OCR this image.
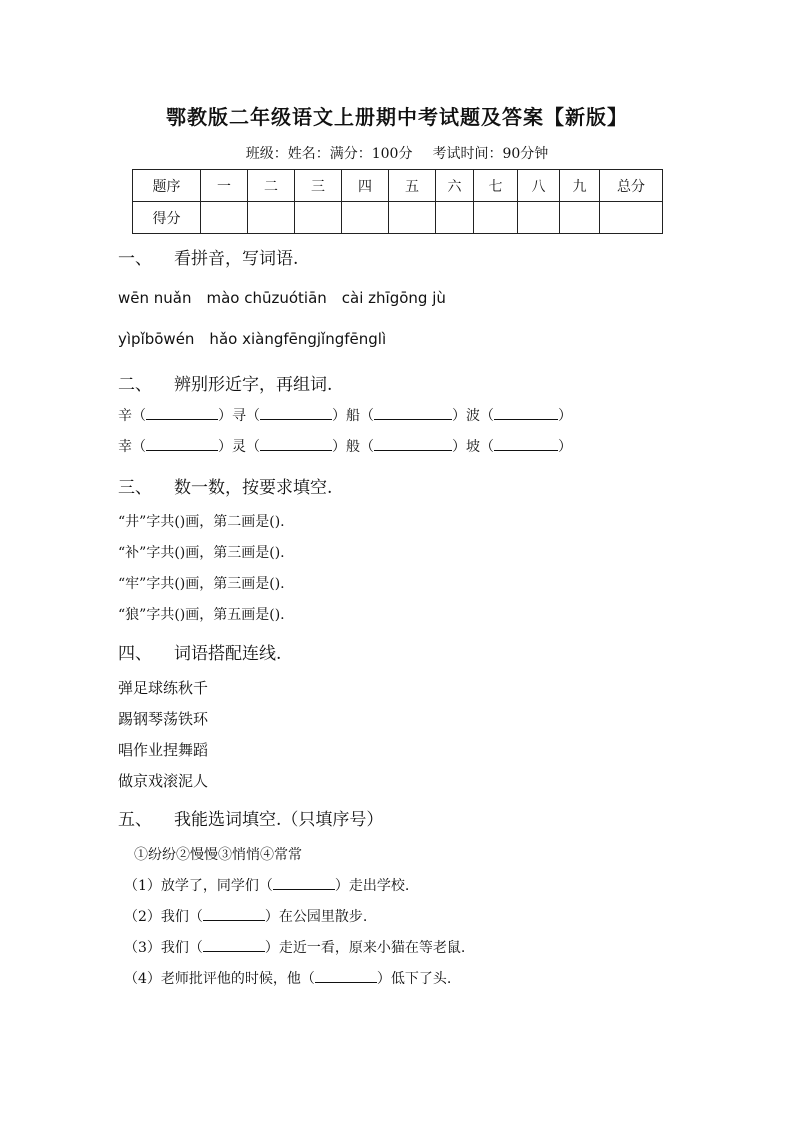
鄂教版二年级语文上册期中考试题及答案【新版】
班级：姓名：满分：100分 考试时间：90分钟
题序	一	二	三	四	五	六	七	八	九	总分
得分										
一、 看拼音，写词语.
wēn nuǎn　mào chūzuótiān　cài zhīgōng jù
yìpǐbōwén　hǎo xiàngfēngjǐngfēnglì
二、 辨别形近字，再组词.
辛（	）寻（	）船（	）波（	）
幸（	）灵（	）般（	）坡（	）
三、 数一数，按要求填空.
“井”字共()画，第二画是().
“补”字共()画，第三画是().
“牢”字共()画，第三画是().
“狼”字共()画，第五画是().
四、 词语搭配连线.
弹足球练秋千
踢钢琴荡铁环
唱作业捏舞蹈
做京戏滚泥人
五、 我能选词填空.（只填序号）
①纷纷②慢慢③悄悄④常常
（1）放学了，同学们（	）走出学校.
（2）我们（	）在公园里散步.
（3）我们（	）走近一看，原来小猫在等老鼠.
（4）老师批评他的时候，他（	）低下了头.
